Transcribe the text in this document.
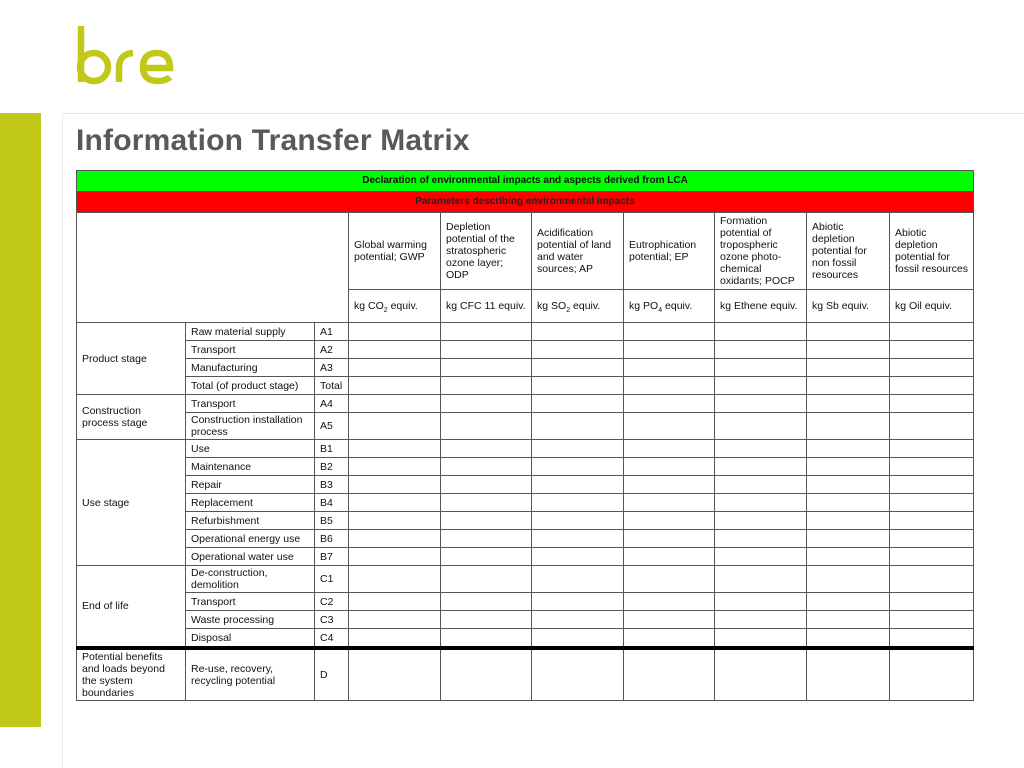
Information Transfer Matrix
Declaration of environmental impacts and aspects derived from LCA									
Parameters describing environmental impacts									
			Global warming potential; GWP	Depletion potential of the stratospheric ozone layer; ODP	Acidification potential of land and water sources; AP	Eutrophication potential; EP	Formation potential of tropospheric ozone photo-chemical oxidants; POCP	Abiotic depletion potential for non fossil resources	Abiotic depletion potential for fossil resources
			kg $CO_2$ equiv.	kg CFC 11 equiv.	kg $SO_2$ equiv.	kg $PO_4$ equiv.	kg Ethene equiv.	kg Sb equiv.	kg Oil equiv.
Product stage	Raw material supply	A1							
	Transport	A2							
	Manufacturing	A3							
	Total (of product stage)	Total							
Construction process stage	Transport	A4							
	Construction installation process	A5							
Use stage	Use	B1							
	Maintenance	B2							
	Repair	B3							
	Replacement	B4							
	Refurbishment	B5							
	Operational energy use	B6							
	Operational water use	B7							
End of life	De-construction, demolition	C1							
	Transport	C2							
	Waste processing	C3							
	Disposal	C4							
Potential benefits and loads beyond the system boundaries	Re-use, recovery, recycling potential	D							
